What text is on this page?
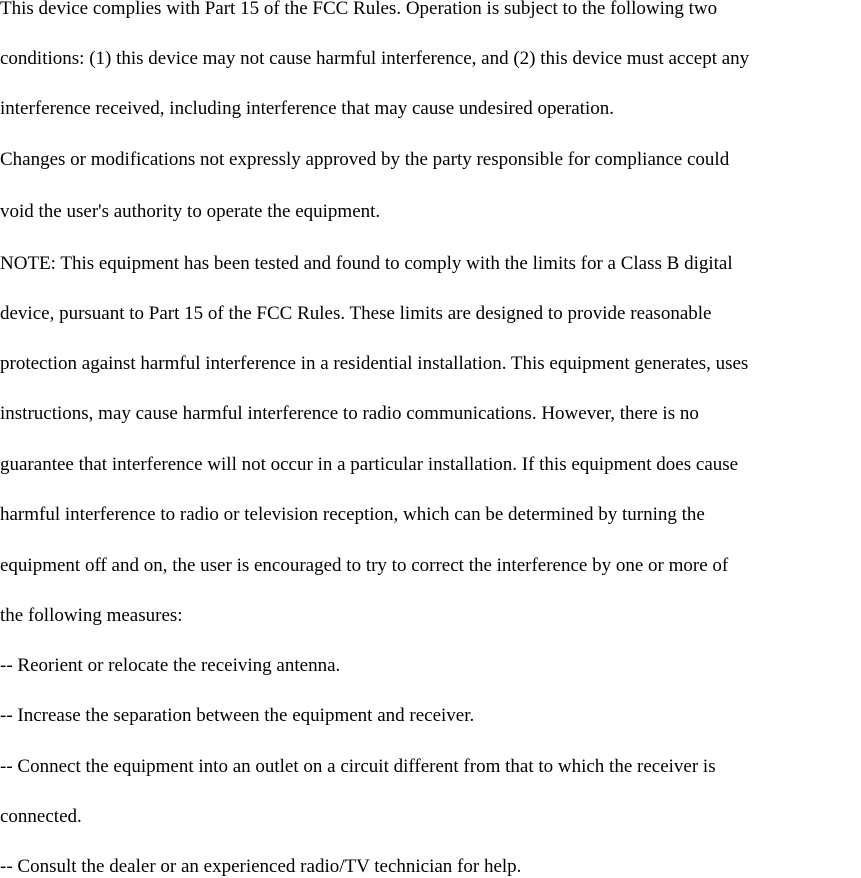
This device complies with Part 15 of the FCC Rules. Operation is subject to the following two
conditions: (1) this device may not cause harmful interference, and (2) this device must accept any
interference received, including interference that may cause undesired operation.
Changes or modifications not expressly approved by the party responsible for compliance could
void the user's authority to operate the equipment.
NOTE: This equipment has been tested and found to comply with the limits for a Class B digital
device, pursuant to Part 15 of the FCC Rules. These limits are designed to provide reasonable
protection against harmful interference in a residential installation. This equipment generates, uses
instructions, may cause harmful interference to radio communications. However, there is no
guarantee that interference will not occur in a particular installation. If this equipment does cause
harmful interference to radio or television reception, which can be determined by turning the
equipment off and on, the user is encouraged to try to correct the interference by one or more of
the following measures:
-- Reorient or relocate the receiving antenna.
-- Increase the separation between the equipment and receiver.
-- Connect the equipment into an outlet on a circuit different from that to which the receiver is
connected.
-- Consult the dealer or an experienced radio/TV technician for help.
